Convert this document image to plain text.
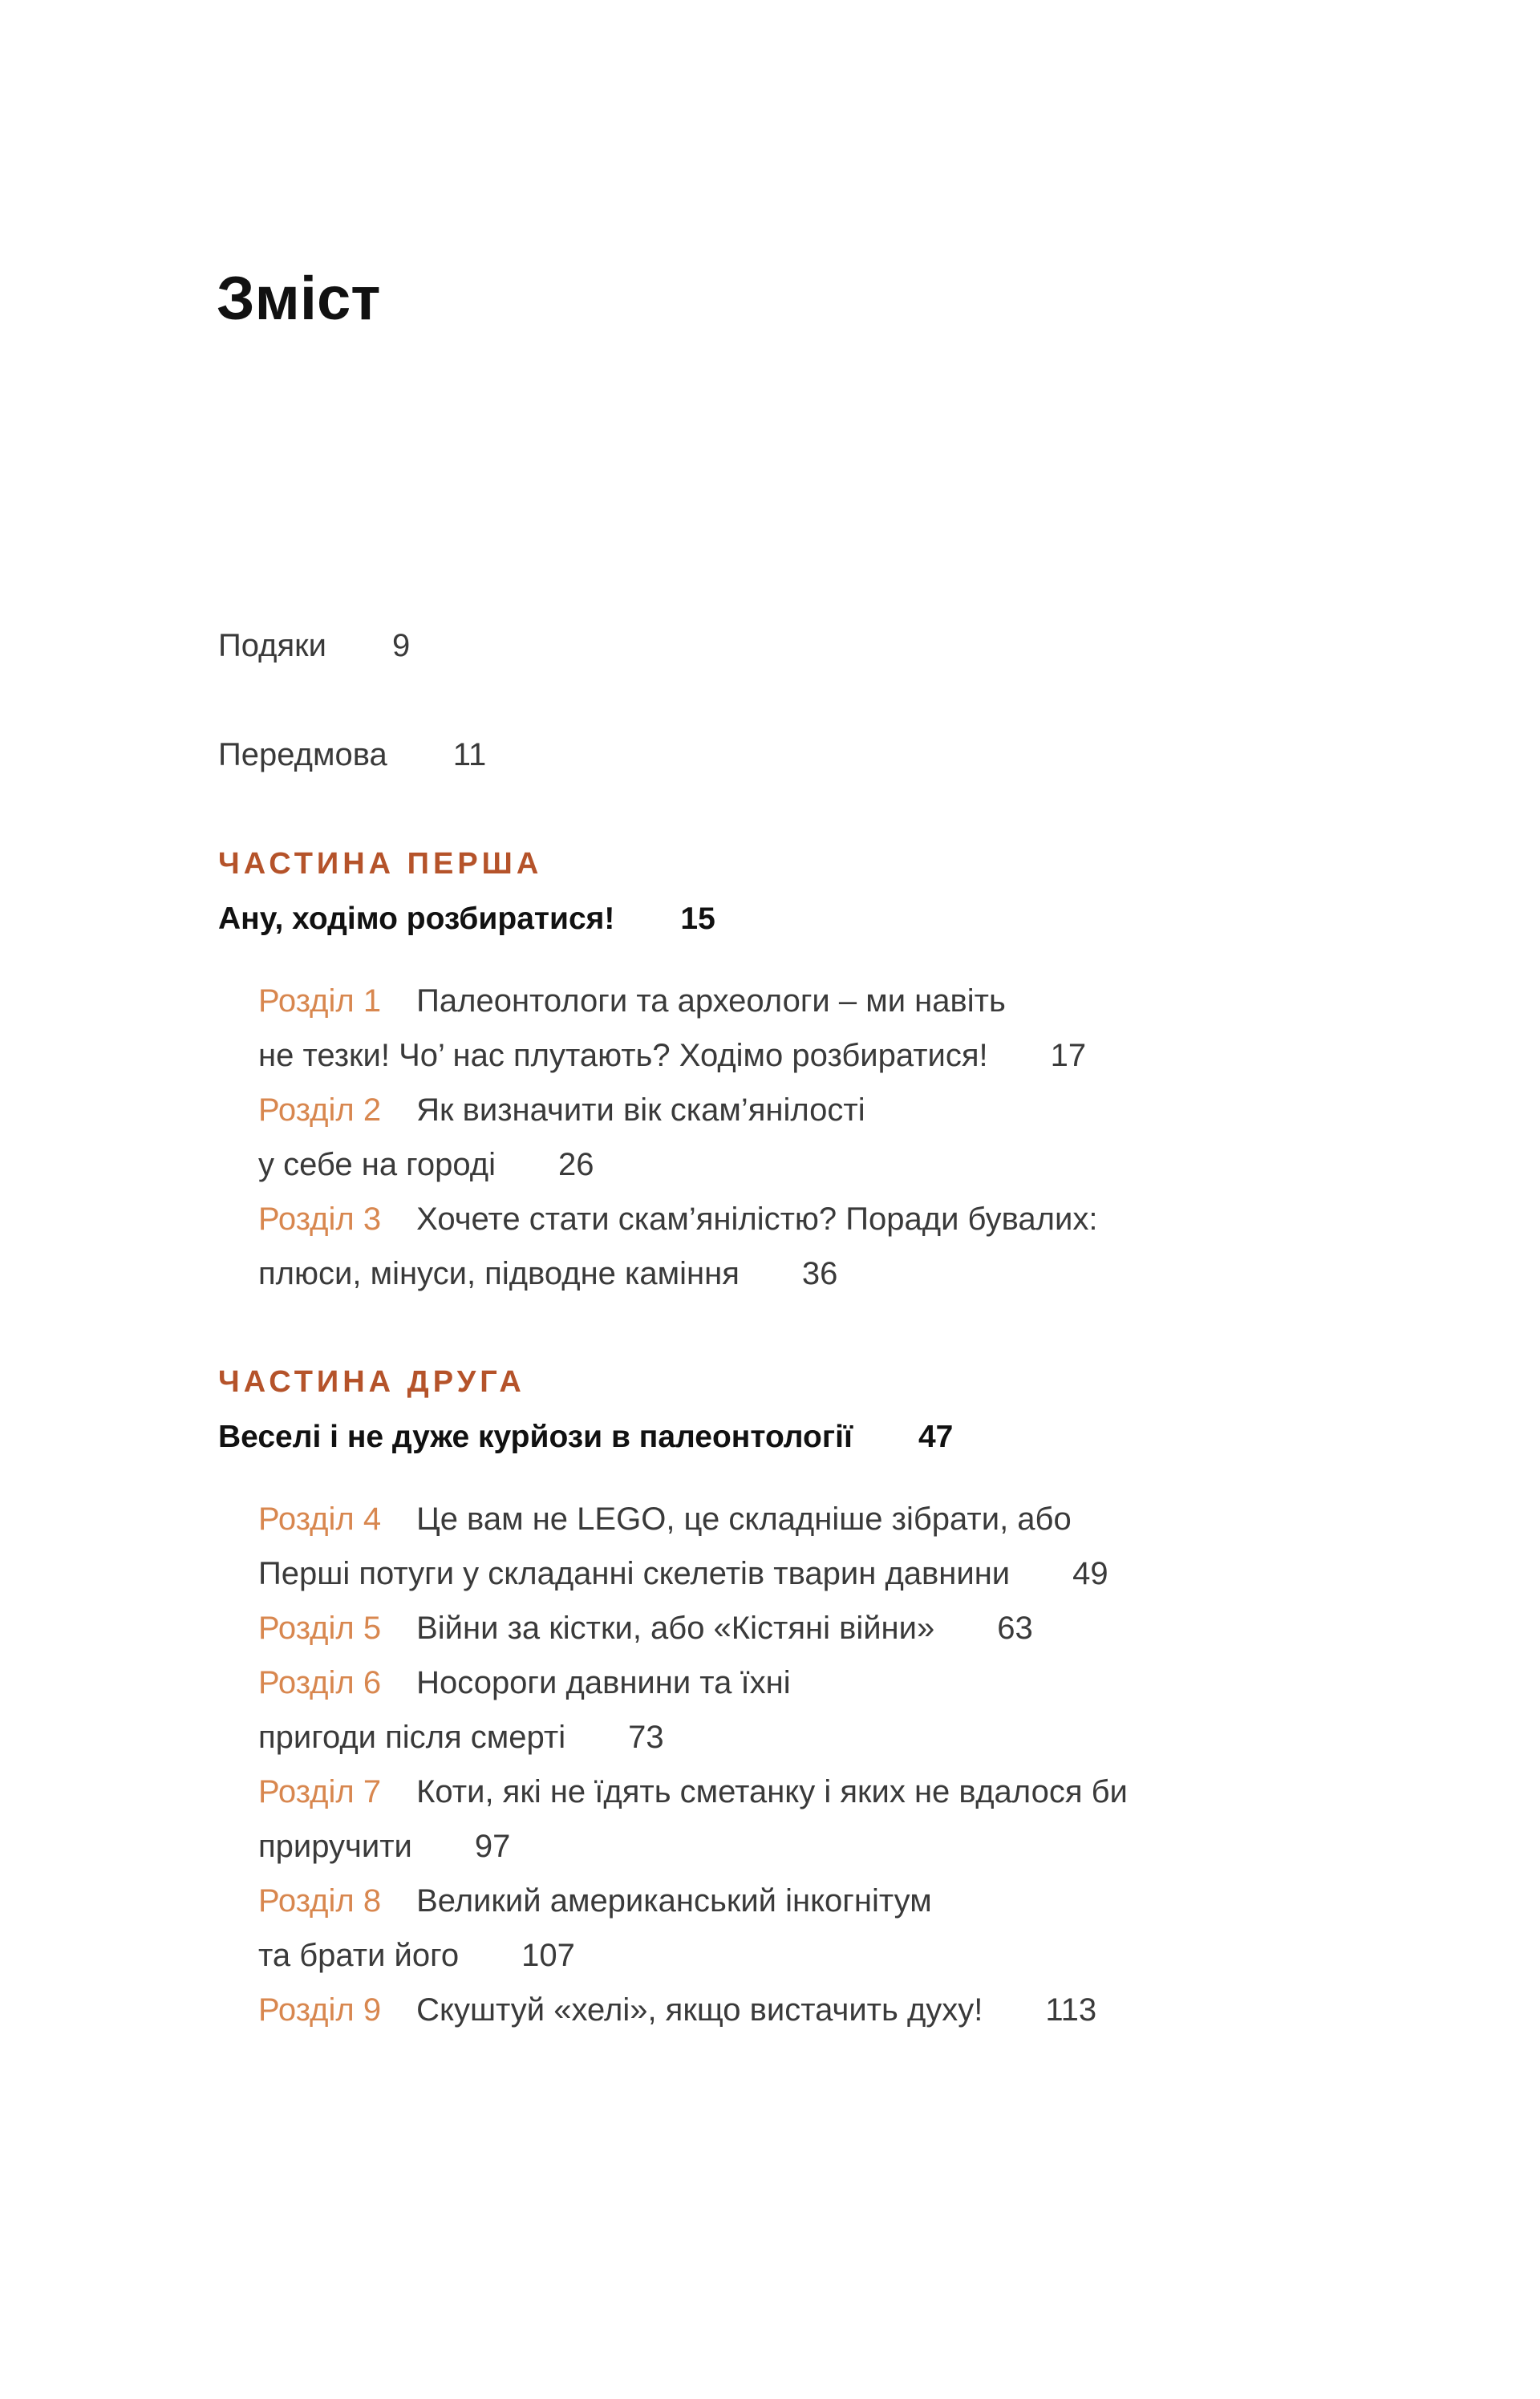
Зміст
Подяки 9
Передмова 11
ЧАСТИНА ПЕРША
Ану, ходімо розбиратися! 15
Розділ 1 Палеонтологи та археологи – ми навіть
не тезки! Чо’ нас плутають? Ходімо розбиратися! 17
Розділ 2 Як визначити вік скам’янілості
у себе на городі 26
Розділ 3 Хочете стати скам’янілістю? Поради бувалих:
плюси, мінуси, підводне каміння 36
ЧАСТИНА ДРУГА
Веселі і не дуже курйози в палеонтології 47
Розділ 4 Це вам не LEGO, це складніше зібрати, або
Перші потуги у складанні скелетів тварин давнини 49
Розділ 5 Війни за кістки, або «Кістяні війни» 63
Розділ 6 Носороги давнини та їхні
пригоди після смерті 73
Розділ 7 Коти, які не їдять сметанку і яких не вдалося би
приручити 97
Розділ 8 Великий американський інкогнітум
та брати його 107
Розділ 9 Скуштуй «хелі», якщо вистачить духу! 113
